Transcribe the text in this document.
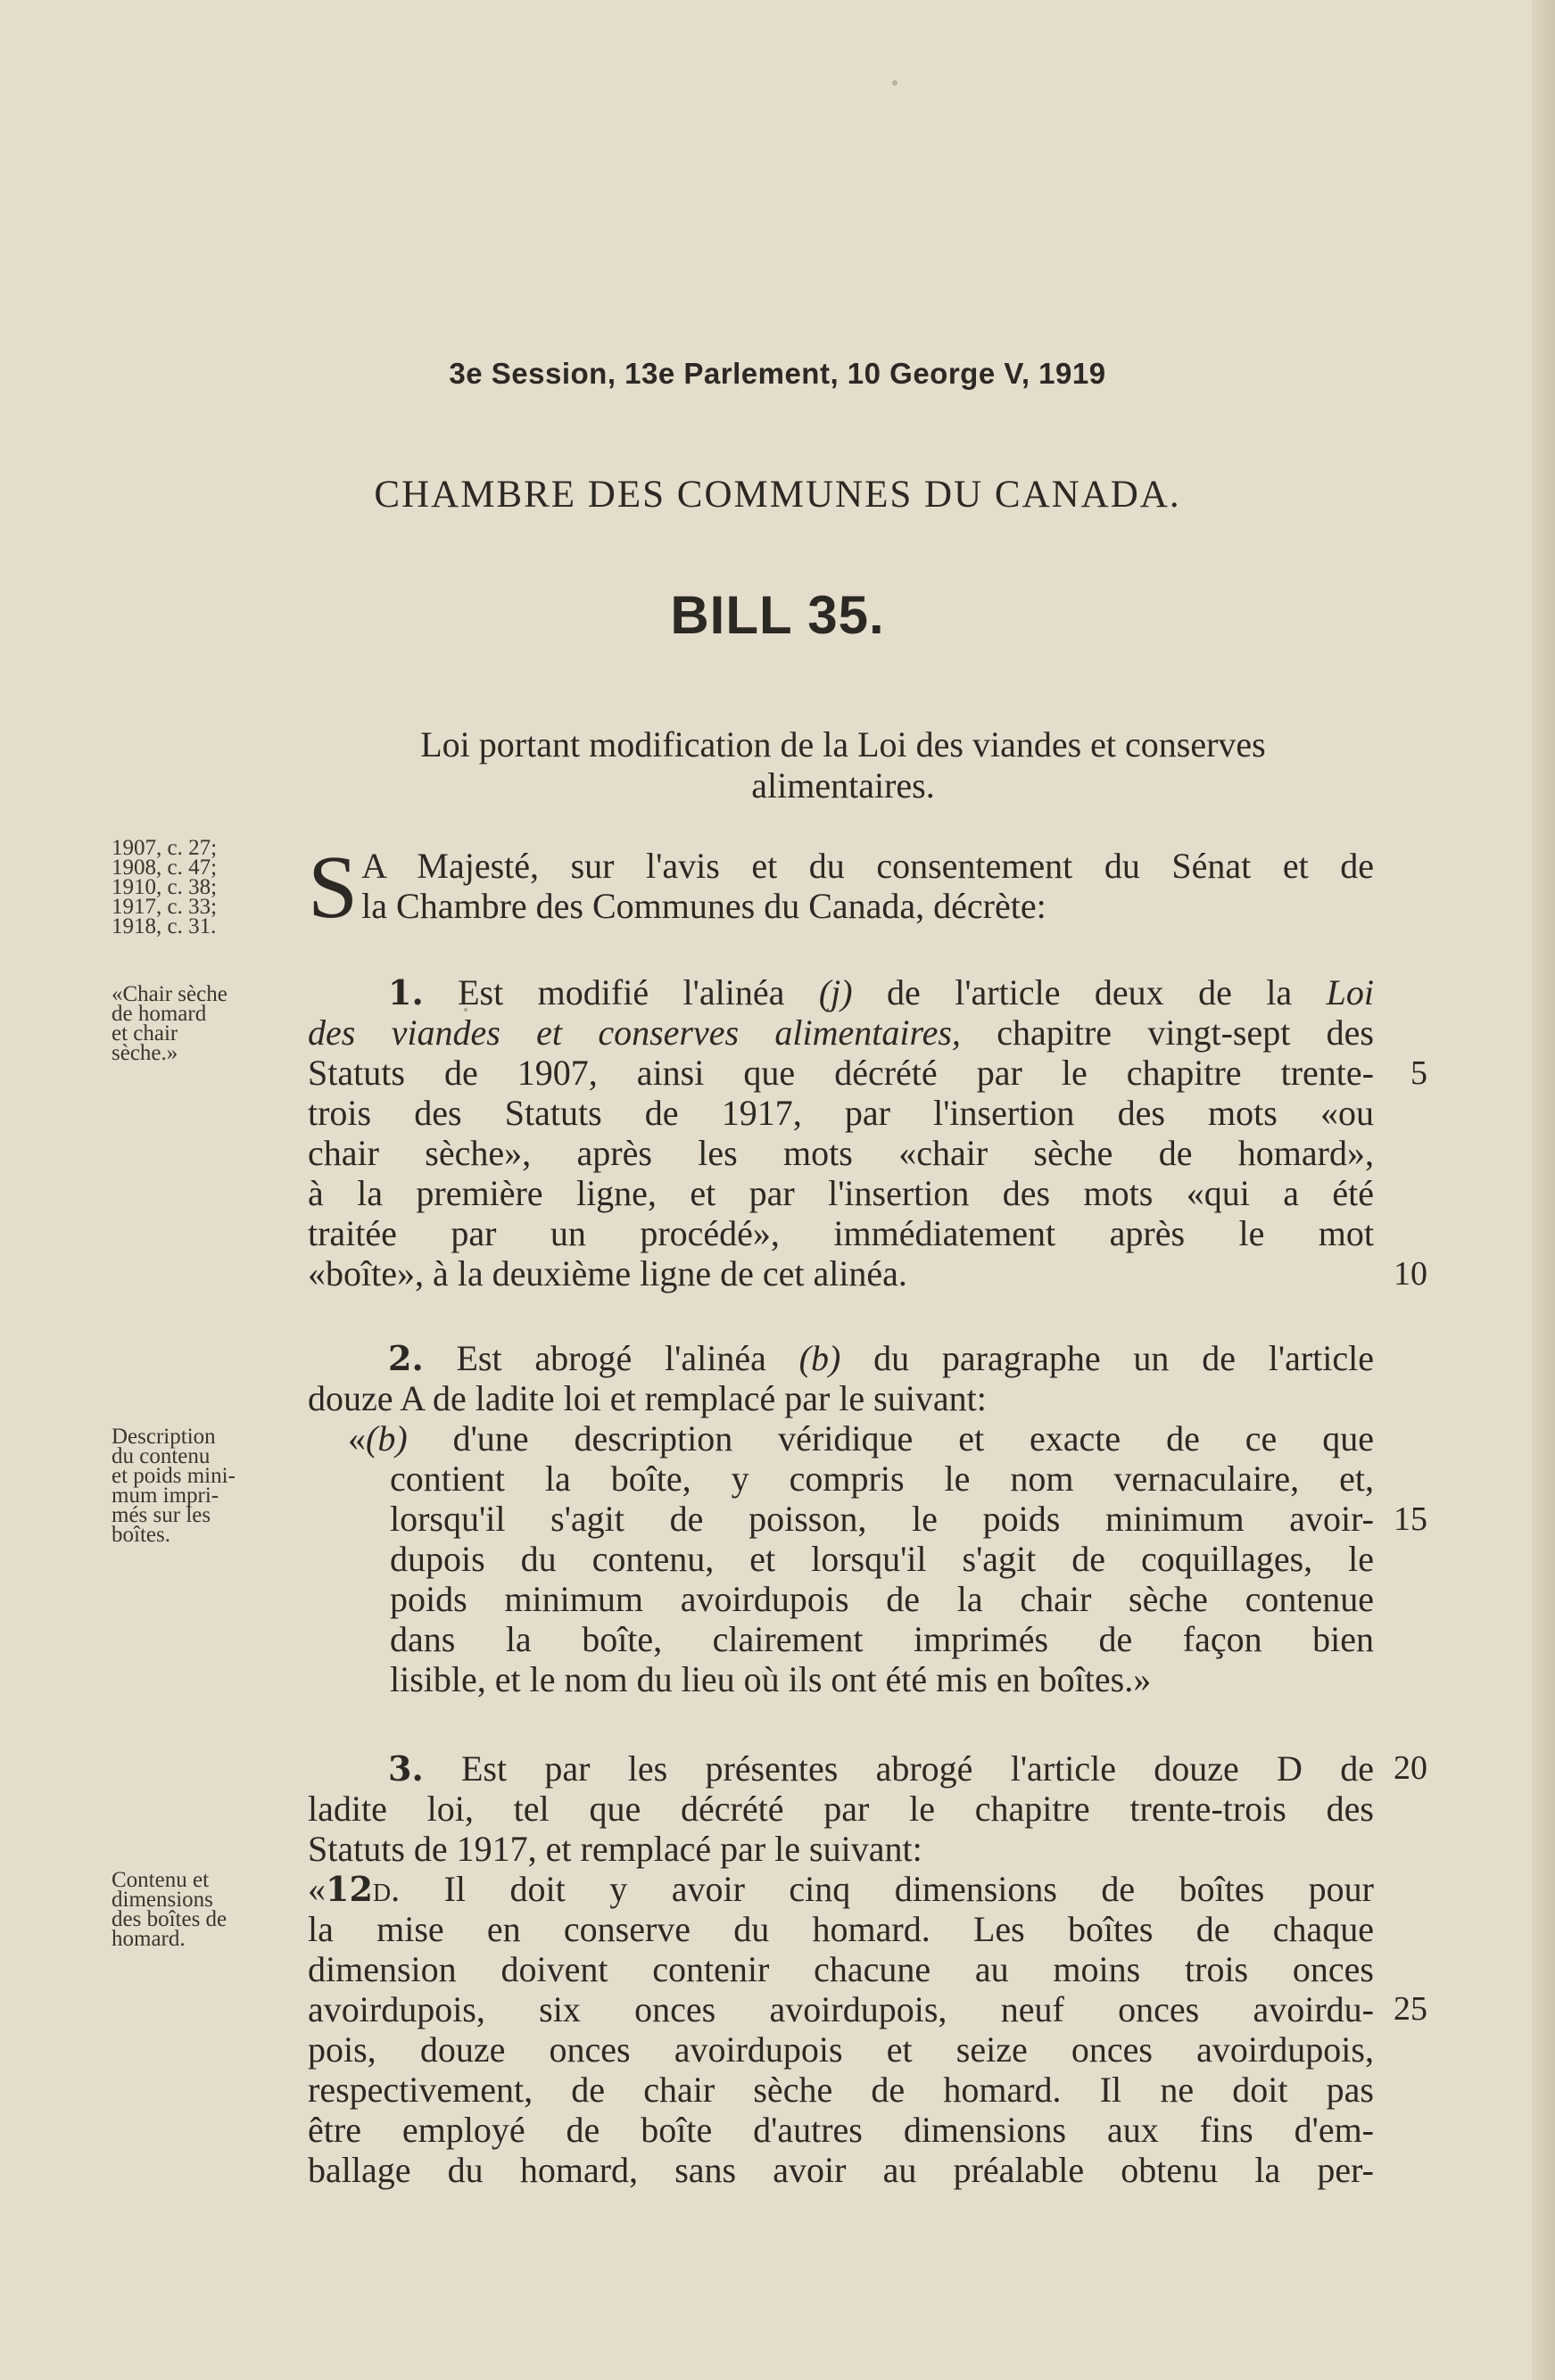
3e Session, 13e Parlement, 10 George V, 1919
CHAMBRE DES COMMUNES DU CANADA.
BILL 35.
Loi portant modification de la Loi des viandes et conserves
alimentaires.
S A Majesté, sur l'avis et du consentement du Sénat et de
la Chambre des Communes du Canada, décrète:
1. Est modifié l'alinéa (j) de l'article deux de la Loi
des viandes et conserves alimentaires, chapitre vingt-sept des
Statuts de 1907, ainsi que décrété par le chapitre trente-
trois des Statuts de 1917, par l'insertion des mots «ou
chair sèche», après les mots «chair sèche de homard»,
à la première ligne, et par l'insertion des mots «qui a été
traitée par un procédé», immédiatement après le mot
«boîte», à la deuxième ligne de cet alinéa.
2. Est abrogé l'alinéa (b) du paragraphe un de l'article
douze A de ladite loi et remplacé par le suivant:
«(b) d'une description véridique et exacte de ce que
contient la boîte, y compris le nom vernaculaire, et,
lorsqu'il s'agit de poisson, le poids minimum avoir-
dupois du contenu, et lorsqu'il s'agit de coquillages, le
poids minimum avoirdupois de la chair sèche contenue
dans la boîte, clairement imprimés de façon bien
lisible, et le nom du lieu où ils ont été mis en boîtes.»
3. Est par les présentes abrogé l'article douze D de
ladite loi, tel que décrété par le chapitre trente-trois des
Statuts de 1917, et remplacé par le suivant:
«12D. Il doit y avoir cinq dimensions de boîtes pour
la mise en conserve du homard. Les boîtes de chaque
dimension doivent contenir chacune au moins trois onces
avoirdupois, six onces avoirdupois, neuf onces avoirdu-
pois, douze onces avoirdupois et seize onces avoirdupois,
respectivement, de chair sèche de homard. Il ne doit pas
être employé de boîte d'autres dimensions aux fins d'em-
ballage du homard, sans avoir au préalable obtenu la per-
1907, c. 27;
1908, c. 47;
1910, c. 38;
1917, c. 33;
1918, c. 31.
«Chair sèche
de homard
et chair
sèche.»
Description
du contenu
et poids mini-
mum impri-
més sur les
boîtes.
Contenu et
dimensions
des boîtes de
homard.
5
10
15
20
25
